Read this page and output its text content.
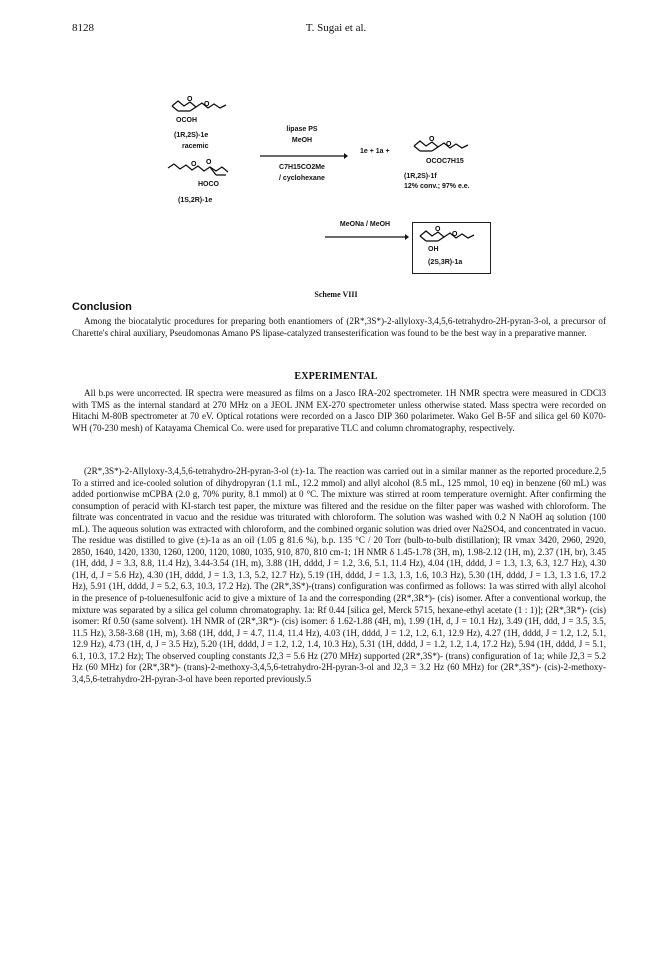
8128	T. Sugai et al.
O
O
OCOH
(1R,2S)-1e
racemic
O O
HOCO
(1S,2R)-1e
lipase PS
MeOH
C7H15CO2Me
/ cyclohexane
1e + 1a +
O
O
OCOC7H15
(1R,2S)-1f
12% conv.; 97% e.e.
MeONa / MeOH
O
O
OH
(2S,3R)-1a
Scheme VIII
Conclusion

Among the biocatalytic procedures for preparing both enantiomers of (2R*,3S*)-2-allyloxy-3,4,5,6-tetrahydro-2H-pyran-3-ol, a precursor of Charette's chiral auxiliary, Pseudomonas Amano PS lipase-catalyzed transesterification was found to be the best way in a preparative manner.

EXPERIMENTAL

All b.ps were uncorrected. IR spectra were measured as films on a Jasco IRA-202 spectrometer. 1H NMR spectra were measured in CDCl3 with TMS as the internal standard at 270 MHz on a JEOL JNM EX-270 spectrometer unless otherwise stated. Mass spectra were recorded on Hitachi M-80B spectrometer at 70 eV. Optical rotations were recorded on a Jasco DIP 360 polarimeter. Wako Gel B-5F and silica gel 60 K070-WH (70-230 mesh) of Katayama Chemical Co. were used for preparative TLC and column chromatography, respectively.

(2R*,3S*)-2-Allyloxy-3,4,5,6-tetrahydro-2H-pyran-3-ol (±)-1a. The reaction was carried out in a similar manner as the reported procedure.2,5 To a stirred and ice-cooled solution of dihydropyran (1.1 mL, 12.2 mmol) and allyl alcohol (8.5 mL, 125 mmol, 10 eq) in benzene (60 mL) was added portionwise mCPBA (2.0 g, 70% purity, 8.1 mmol) at 0 °C. The mixture was stirred at room temperature overnight. After confirming the consumption of peracid with KI-starch test paper, the mixture was filtered and the residue on the filter paper was washed with chloroform. The filtrate was concentrated in vacuo and the residue was triturated with chloroform. The solution was washed with 0.2 N NaOH aq solution (100 mL). The aqueous solution was extracted with chloroform, and the combined organic solution was dried over Na2SO4, and concentrated in vacuo. The residue was distilled to give (±)-1a as an oil (1.05 g 81.6 %), b.p. 135 °C / 20 Torr (bulb-to-bulb distillation); IR vmax 3420, 2960, 2920, 2850, 1640, 1420, 1330, 1260, 1200, 1120, 1080, 1035, 910, 870, 810 cm-1; 1H NMR δ 1.45-1.78 (3H, m), 1.98-2.12 (1H, m), 2.37 (1H, br), 3.45 (1H, ddd, J = 3.3, 8.8, 11.4 Hz), 3.44-3.54 (1H, m), 3.88 (1H, dddd, J = 1.2, 3.6, 5.1, 11.4 Hz), 4.04 (1H, dddd, J = 1.3, 1.3, 6.3, 12.7 Hz), 4.30 (1H, d, J = 5.6 Hz), 4.30 (1H, dddd, J = 1.3, 1.3, 5.2, 12.7 Hz), 5.19 (1H, dddd, J = 1.3, 1.3, 1.6, 10.3 Hz), 5.30 (1H, dddd, J = 1.3, 1.3 1.6, 17.2 Hz), 5.91 (1H, dddd, J = 5.2, 6.3, 10.3, 17.2 Hz). The (2R*,3S*)-(trans) configuration was confirmed as follows: 1a was stirred with allyl alcohol in the presence of p-toluenesulfonic acid to give a mixture of 1a and the corresponding (2R*,3R*)- (cis) isomer. After a conventional workup, the mixture was separated by a silica gel column chromatography. 1a: Rf 0.44 [silica gel, Merck 5715, hexane-ethyl acetate (1 : 1)]; (2R*,3R*)- (cis) isomer: Rf 0.50 (same solvent). 1H NMR of (2R*,3R*)- (cis) isomer: δ 1.62-1.88 (4H, m), 1.99 (1H, d, J = 10.1 Hz), 3.49 (1H, ddd, J = 3.5, 3.5, 11.5 Hz), 3.58-3.68 (1H, m), 3.68 (1H, ddd, J = 4.7, 11.4, 11.4 Hz), 4.03 (1H, dddd, J = 1.2, 1.2, 6.1, 12.9 Hz), 4.27 (1H, dddd, J = 1.2, 1.2, 5.1, 12.9 Hz), 4.73 (1H, d, J = 3.5 Hz), 5.20 (1H, dddd, J = 1.2, 1.2, 1.4, 10.3 Hz), 5.31 (1H, dddd, J = 1.2, 1.2, 1.4, 17.2 Hz), 5.94 (1H, dddd, J = 5.1, 6.1, 10.3, 17.2 Hz); The observed coupling constants J2,3 = 5.6 Hz (270 MHz) supported (2R*,3S*)- (trans) configuration of 1a; while J2,3 = 5.2 Hz (60 MHz) for (2R*,3R*)- (trans)-2-methoxy-3,4,5,6-tetrahydro-2H-pyran-3-ol and J2,3 = 3.2 Hz (60 MHz) for (2R*,3S*)- (cis)-2-methoxy-3,4,5,6-tetrahydro-2H-pyran-3-ol have been reported previously.5
